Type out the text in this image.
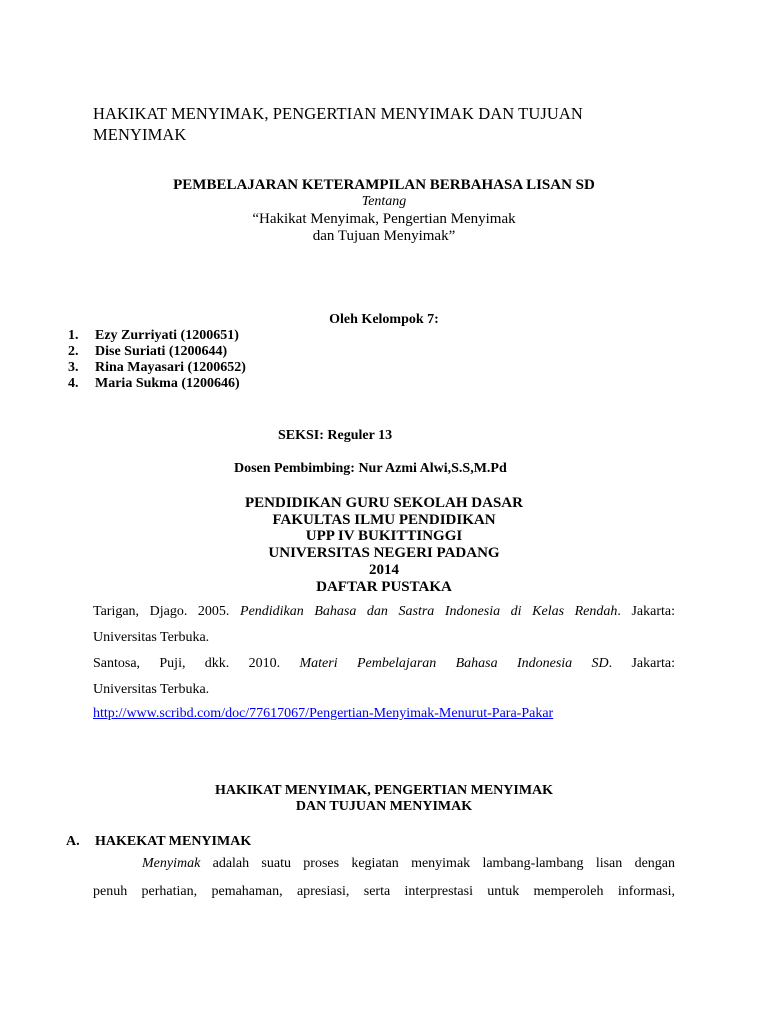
HAKIKAT MENYIMAK, PENGERTIAN MENYIMAK DAN TUJUAN MENYIMAK

PEMBELAJARAN KETERAMPILAN BERBAHASA LISAN SD

Tentang

“Hakikat Menyimak, Pengertian Menyimak

dan Tujuan Menyimak”

Oleh Kelompok 7:

1. Ezy Zurriyati (1200651)
2. Dise Suriati (1200644)
3. Rina Mayasari (1200652)
4. Maria Sukma (1200646)

SEKSI: Reguler 13

Dosen Pembimbing: Nur Azmi Alwi,S.S,M.Pd

PENDIDIKAN GURU SEKOLAH DASAR

FAKULTAS ILMU PENDIDIKAN

UPP IV BUKITTINGGI

UNIVERSITAS NEGERI PADANG

2014

DAFTAR PUSTAKA

Tarigan, Djago. 2005. Pendidikan Bahasa dan Sastra Indonesia di Kelas Rendah. Jakarta:
Universitas Terbuka.
Santosa, Puji, dkk. 2010. Materi Pembelajaran Bahasa Indonesia SD. Jakarta:
Universitas Terbuka.
http://www.scribd.com/doc/77617067/Pengertian-Menyimak-Menurut-Para-Pakar

HAKIKAT MENYIMAK, PENGERTIAN MENYIMAK

DAN TUJUAN MENYIMAK

A. HAKEKAT MENYIMAK
Menyimak adalah suatu proses kegiatan menyimak lambang-lambang lisan dengan
penuh perhatian, pemahaman, apresiasi, serta interprestasi untuk memperoleh informasi,
